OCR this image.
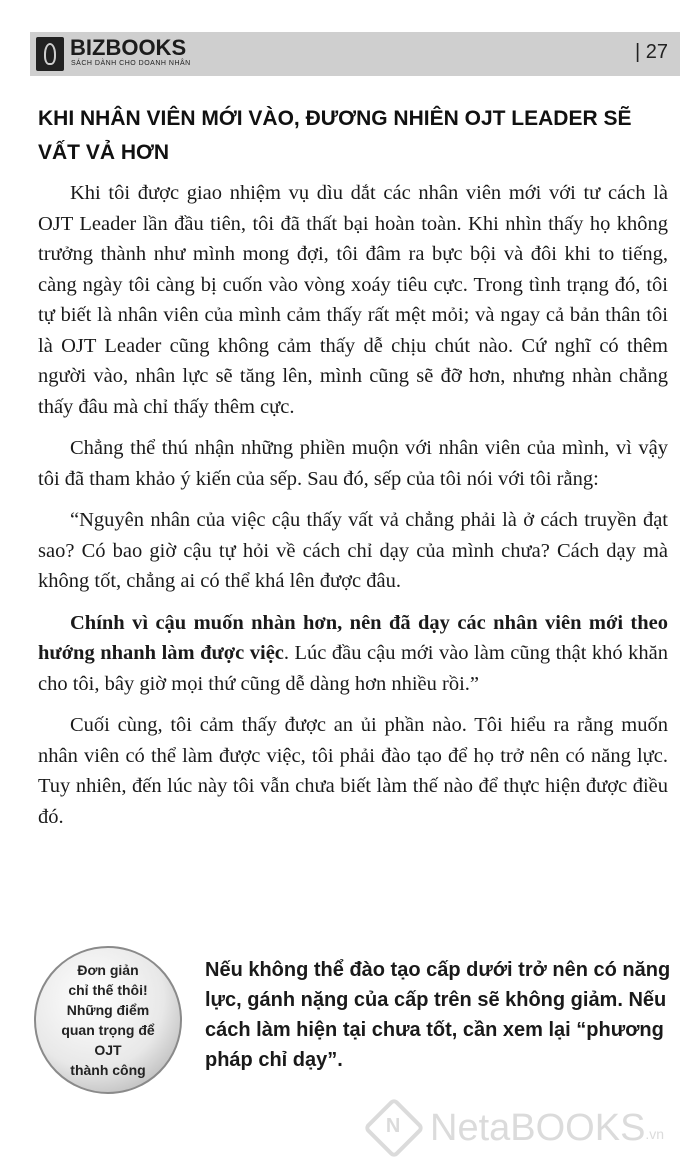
BIZBOOKS
SÁCH DÀNH CHO DOANH NHÂN
| 27
KHI NHÂN VIÊN MỚI VÀO, ĐƯƠNG NHIÊN OJT LEADER SẼ VẤT VẢ HƠN

Khi tôi được giao nhiệm vụ dìu dắt các nhân viên mới với tư cách là OJT Leader lần đầu tiên, tôi đã thất bại hoàn toàn. Khi nhìn thấy họ không trưởng thành như mình mong đợi, tôi đâm ra bực bội và đôi khi to tiếng, càng ngày tôi càng bị cuốn vào vòng xoáy tiêu cực. Trong tình trạng đó, tôi tự biết là nhân viên của mình cảm thấy rất mệt mỏi; và ngay cả bản thân tôi là OJT Leader cũng không cảm thấy dễ chịu chút nào. Cứ nghĩ có thêm người vào, nhân lực sẽ tăng lên, mình cũng sẽ đỡ hơn, nhưng nhàn chẳng thấy đâu mà chỉ thấy thêm cực.

Chẳng thể thú nhận những phiền muộn với nhân viên của mình, vì vậy tôi đã tham khảo ý kiến của sếp. Sau đó, sếp của tôi nói với tôi rằng:

“Nguyên nhân của việc cậu thấy vất vả chẳng phải là ở cách truyền đạt sao? Có bao giờ cậu tự hỏi về cách chỉ dạy của mình chưa? Cách dạy mà không tốt, chẳng ai có thể khá lên được đâu.

Chính vì cậu muốn nhàn hơn, nên đã dạy các nhân viên mới theo hướng nhanh làm được việc. Lúc đầu cậu mới vào làm cũng thật khó khăn cho tôi, bây giờ mọi thứ cũng dễ dàng hơn nhiều rồi.”

Cuối cùng, tôi cảm thấy được an ủi phần nào. Tôi hiểu ra rằng muốn nhân viên có thể làm được việc, tôi phải đào tạo để họ trở nên có năng lực. Tuy nhiên, đến lúc này tôi vẫn chưa biết làm thế nào để thực hiện được điều đó.

Đơn giản
chỉ thế thôi!
Những điểm
quan trọng để OJT
thành công
Nếu không thể đào tạo cấp dưới trở nên có năng lực, gánh nặng của cấp trên sẽ không giảm. Nếu cách làm hiện tại chưa tốt, cần xem lại “phương pháp chỉ dạy”.
N NetaBOOKS .vn
